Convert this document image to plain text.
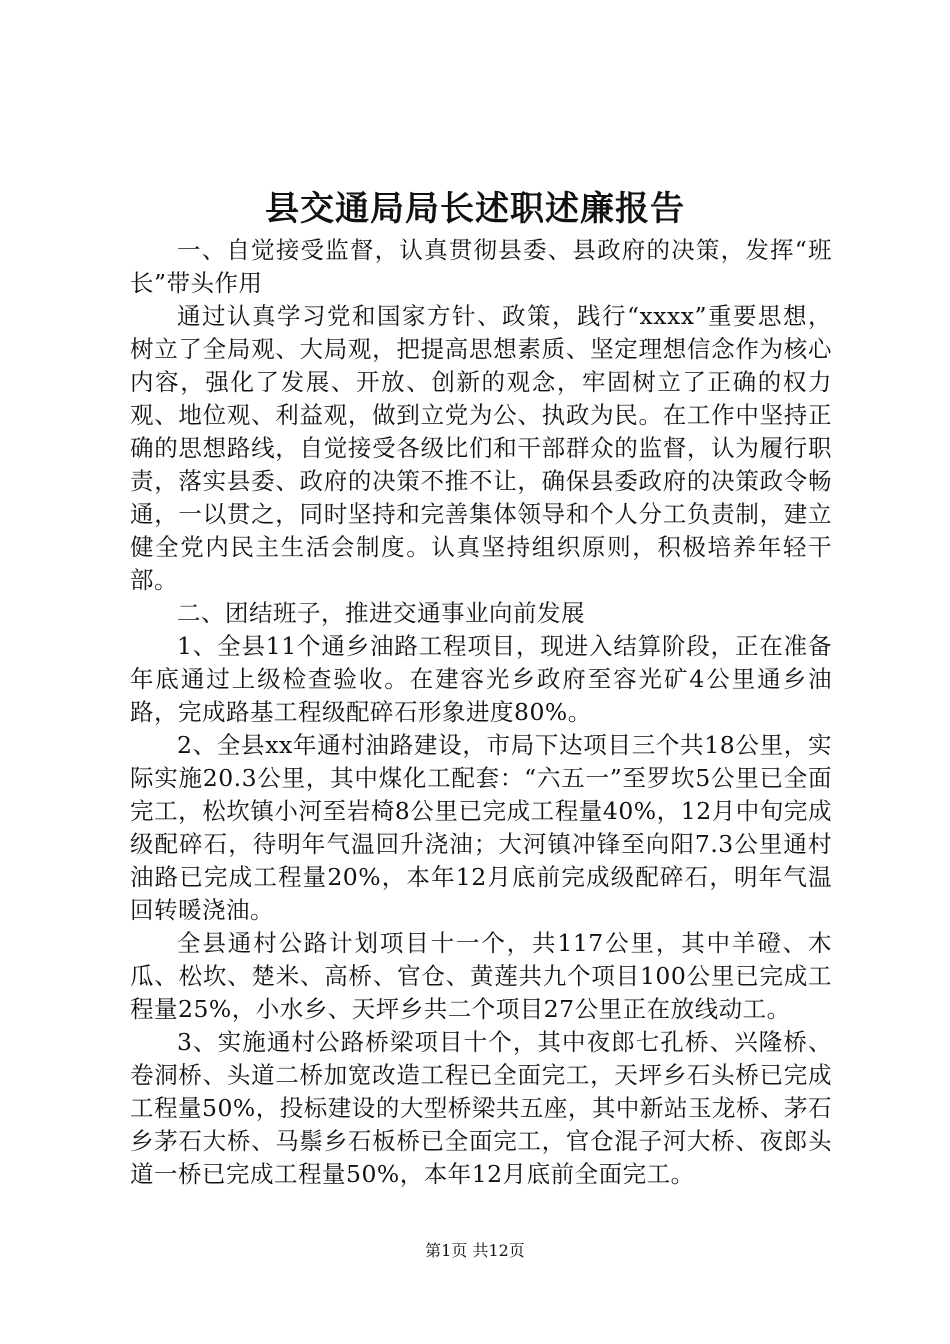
县交通局局长述职述廉报告

一、自觉接受监督，认真贯彻县委、县政府的决策，发挥“班长”带头作用

通过认真学习党和国家方针、政策，践行“xxxx”重要思想，树立了全局观、大局观，把提高思想素质、坚定理想信念作为核心内容，强化了发展、开放、创新的观念，牢固树立了正确的权力观、地位观、利益观，做到立党为公、执政为民。在工作中坚持正确的思想路线，自觉接受各级比们和干部群众的监督，认为履行职责，落实县委、政府的决策不推不让，确保县委政府的决策政令畅通，一以贯之，同时坚持和完善集体领导和个人分工负责制，建立健全党内民主生活会制度。认真坚持组织原则，积极培养年轻干部。

二、团结班子，推进交通事业向前发展

1、全县11个通乡油路工程项目，现进入结算阶段，正在准备年底通过上级检查验收。在建容光乡政府至容光矿4公里通乡油路，完成路基工程级配碎石形象进度80%。

2、全县xx年通村油路建设，市局下达项目三个共18公里，实际实施20.3公里，其中煤化工配套：“六五一”至罗坎5公里已全面完工，松坎镇小河至岩椅8公里已完成工程量40%，12月中旬完成级配碎石，待明年气温回升浇油；大河镇冲锋至向阳7.3公里通村油路已完成工程量20%，本年12月底前完成级配碎石，明年气温回转暖浇油。

全县通村公路计划项目十一个，共117公里，其中羊磴、木瓜、松坎、楚米、高桥、官仓、黄莲共九个项目100公里已完成工程量25%，小水乡、天坪乡共二个项目27公里正在放线动工。

3、实施通村公路桥梁项目十个，其中夜郎七孔桥、兴隆桥、卷洞桥、头道二桥加宽改造工程已全面完工，天坪乡石头桥已完成工程量50%，投标建设的大型桥梁共五座，其中新站玉龙桥、茅石乡茅石大桥、马鬃乡石板桥已全面完工，官仓混子河大桥、夜郎头道一桥已完成工程量50%，本年12月底前全面完工。

第1页 共12页
